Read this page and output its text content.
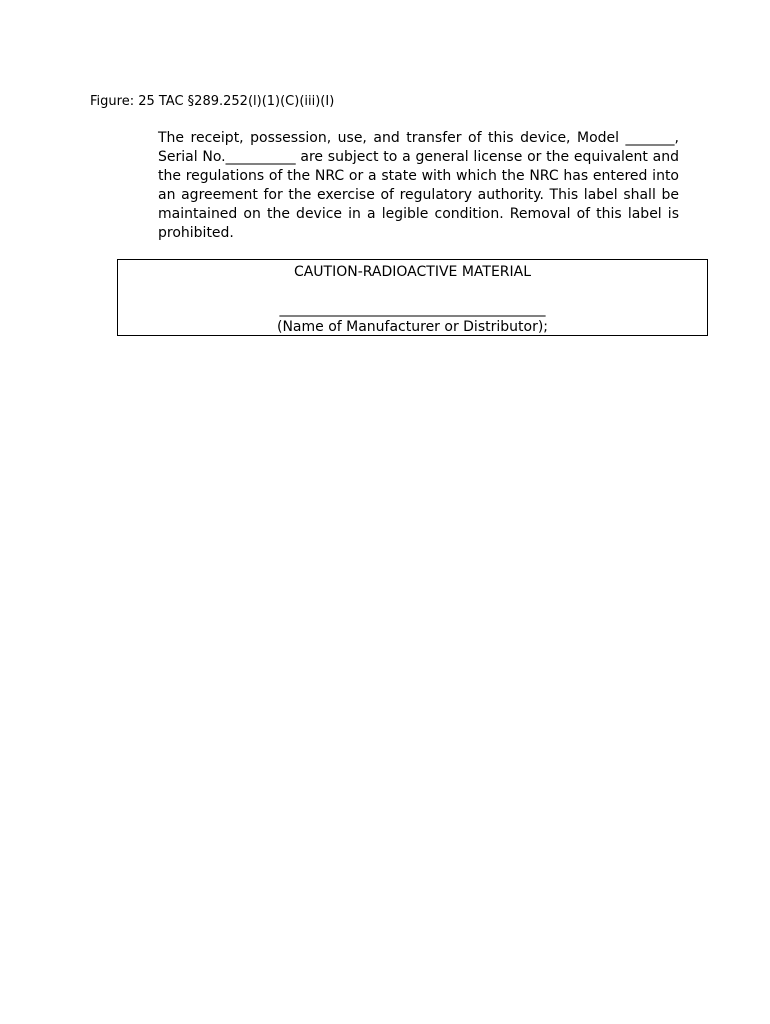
Figure: 25 TAC §289.252(l)(1)(C)(iii)(I)
The receipt, possession, use, and transfer of this device, Model _______, Serial No.__________ are subject to a general license or the equivalent and the regulations of the NRC or a state with which the NRC has entered into an agreement for the exercise of regulatory authority. This label shall be maintained on the device in a legible condition. Removal of this label is prohibited.
CAUTION-RADIOACTIVE MATERIAL
______________________________________
(Name of Manufacturer or Distributor);
